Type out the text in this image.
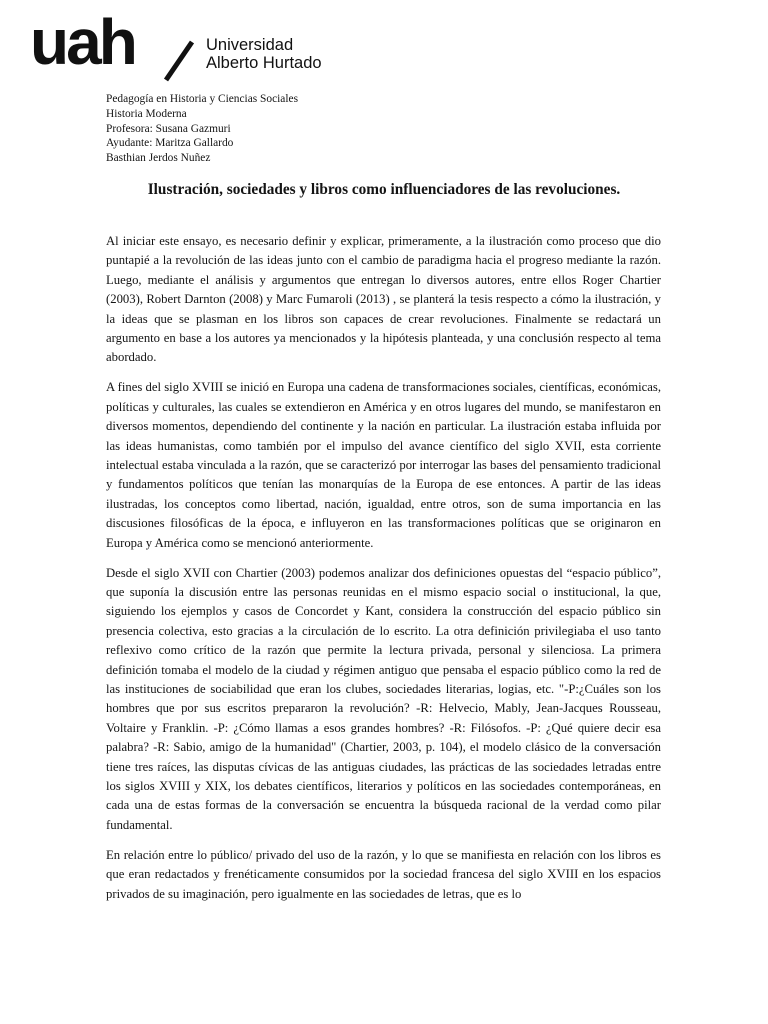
uah	Universidad
Alberto Hurtado
Pedagogía en Historia y Ciencias Sociales
Historia Moderna
Profesora: Susana Gazmuri
Ayudante: Maritza Gallardo
Basthian Jerdos Nuñez
Ilustración, sociedades y libros como influenciadores de las revoluciones.

Al iniciar este ensayo, es necesario definir y explicar, primeramente, a la ilustración como proceso que dio puntapié a la revolución de las ideas junto con el cambio de paradigma hacia el progreso mediante la razón. Luego, mediante el análisis y argumentos que entregan lo diversos autores, entre ellos Roger Chartier (2003), Robert Darnton (2008) y Marc Fumaroli (2013) , se planterá la tesis respecto a cómo la ilustración, y la ideas que se plasman en los libros son capaces de crear revoluciones. Finalmente se redactará un argumento en base a los autores ya mencionados y la hipótesis planteada, y una conclusión respecto al tema abordado.

A fines del siglo XVIII se inició en Europa una cadena de transformaciones sociales, científicas, económicas, políticas y culturales, las cuales se extendieron en América y en otros lugares del mundo, se manifestaron en diversos momentos, dependiendo del continente y la nación en particular. La ilustración estaba influida por las ideas humanistas, como también por el impulso del avance científico del siglo XVII, esta corriente intelectual estaba vinculada a la razón, que se caracterizó por interrogar las bases del pensamiento tradicional y fundamentos políticos que tenían las monarquías de la Europa de ese entonces. A partir de las ideas ilustradas, los conceptos como libertad, nación, igualdad, entre otros, son de suma importancia en las discusiones filosóficas de la época, e influyeron en las transformaciones políticas que se originaron en Europa y América como se mencionó anteriormente.

Desde el siglo XVII con Chartier (2003) podemos analizar dos definiciones opuestas del “espacio público”, que suponía la discusión entre las personas reunidas en el mismo espacio social o institucional, la que, siguiendo los ejemplos y casos de Concordet y Kant, considera la construcción del espacio público sin presencia colectiva, esto gracias a la circulación de lo escrito. La otra definición privilegiaba el uso tanto reflexivo como crítico de la razón que permite la lectura privada, personal y silenciosa. La primera definición tomaba el modelo de la ciudad y régimen antiguo que pensaba el espacio público como la red de las instituciones de sociabilidad que eran los clubes, sociedades literarias, logias, etc. "-P:¿Cuáles son los hombres que por sus escritos prepararon la revolución? -R: Helvecio, Mably, Jean-Jacques Rousseau, Voltaire y Franklin. -P: ¿Cómo llamas a esos grandes hombres? -R: Filósofos. -P: ¿Qué quiere decir esa palabra? -R: Sabio, amigo de la humanidad" (Chartier, 2003, p. 104), el modelo clásico de la conversación tiene tres raíces, las disputas cívicas de las antiguas ciudades, las prácticas de las sociedades letradas entre los siglos XVIII y XIX, los debates científicos, literarios y políticos en las sociedades contemporáneas, en cada una de estas formas de la conversación se encuentra la búsqueda racional de la verdad como pilar fundamental.

En relación entre lo público/ privado del uso de la razón, y lo que se manifiesta en relación con los libros es que eran redactados y frenéticamente consumidos por la sociedad francesa del siglo XVIII en los espacios privados de su imaginación, pero igualmente en las sociedades de letras, que es lo
